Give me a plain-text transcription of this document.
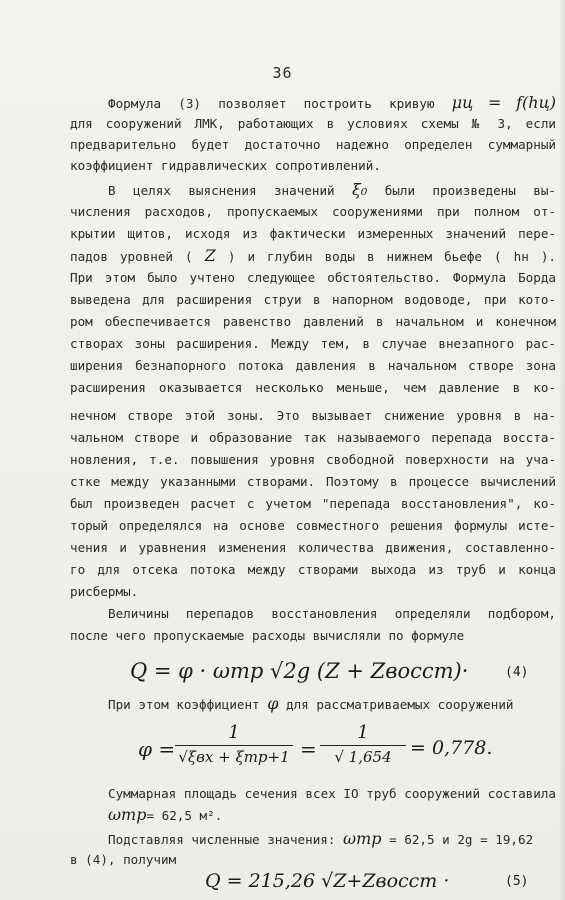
36
Формула (3) позволяет построить кривую μц = f(hц)
для сооружений ЛМК, работающих в условиях схемы № 3, если
предварительно будет достаточно надежно определен суммарный
коэффициент гидравлических сопротивлений.
В целях выяснения значений ξ₀ были произведены вы-
числения расходов, пропускаемых сооружениями при полном от-
крытии щитов, исходя из фактически измеренных значений пере-
падов уровней ( Z ) и глубин воды в нижнем бьефе ( hн ).
При этом было учтено следующее обстоятельство. Формула Борда
выведена для расширения струи в напорном водоводе, при кото-
ром обеспечивается равенство давлений в начальном и конечном
створах зоны расширения. Между тем, в случае внезапного рас-
ширения безнапорного потока давления в начальном створе зона
расширения оказывается несколько меньше, чем давление в ко-
нечном створе этой зоны. Это вызывает снижение уровня в на-
чальном створе и образование так называемого перепада восста-
новления, т.е. повышения уровня свободной поверхности на уча-
стке между указанными створами. Поэтому в процессе вычислений
был произведен расчет с учетом "перепада восстановления", ко-
торый определялся на основе совместного решения формулы исте-
чения и уравнения изменения количества движения, составленно-
го для отсека потока между створами выхода из труб и конца
рисбермы.
Величины перепадов восстановления определяли подбором,
после чего пропускаемые расходы вычисляли по формуле
Q = φ · ωтр √2g (Z + Zвосст)·	(4)
При этом коэффициент φ для рассматриваемых сооружений
φ =
1
√ξвх + ξтр+1 =
1
√ 1,654 = 0,778.
Суммарная площадь сечения всех IO труб сооружений составила
ωтр= 62,5 м².
Подставляя численные значения: ωтр = 62,5 и 2g = 19,62
в (4), получим
Q = 215,26 √Z+Zвосст ·	(5)
